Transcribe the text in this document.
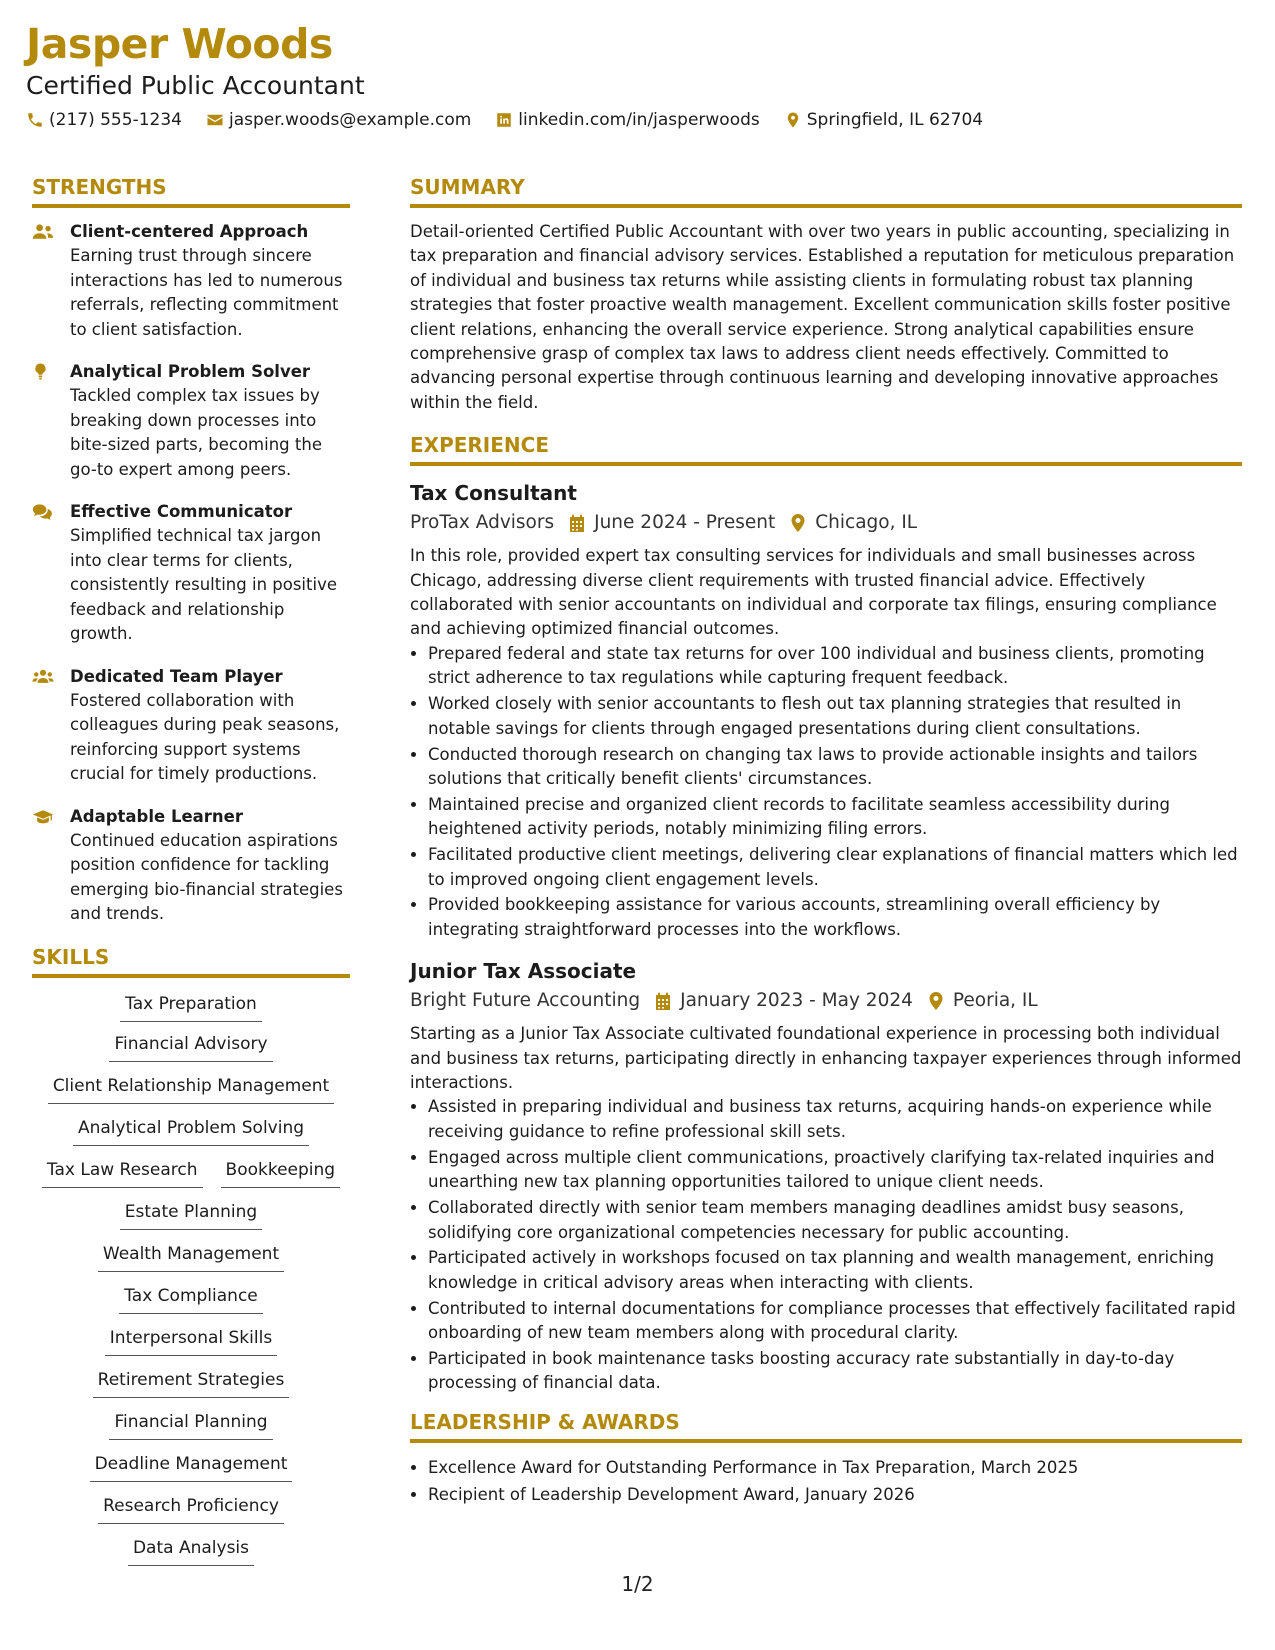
Jasper Woods
Certified Public Accountant
(217) 555-1234	jasper.woods@example.com	linkedin.com/in/jasperwoods	Springfield, IL 62704
STRENGTHS
Client-centered Approach
Earning trust through sincere interactions has led to numerous referrals, reflecting commitment to client satisfaction.
Analytical Problem Solver
Tackled complex tax issues by breaking down processes into bite-sized parts, becoming the go-to expert among peers.
Effective Communicator
Simplified technical tax jargon into clear terms for clients, consistently resulting in positive feedback and relationship growth.
Dedicated Team Player
Fostered collaboration with colleagues during peak seasons, reinforcing support systems crucial for timely productions.
Adaptable Learner
Continued education aspirations position confidence for tackling emerging bio-financial strategies and trends.
SKILLS
Tax Preparation
Financial Advisory
Client Relationship Management
Analytical Problem Solving
Tax Law Research Bookkeeping
Estate Planning
Wealth Management
Tax Compliance
Interpersonal Skills
Retirement Strategies
Financial Planning
Deadline Management
Research Proficiency
Data Analysis
SUMMARY
Detail-oriented Certified Public Accountant with over two years in public accounting, specializing in tax preparation and financial advisory services. Established a reputation for meticulous preparation of individual and business tax returns while assisting clients in formulating robust tax planning strategies that foster proactive wealth management. Excellent communication skills foster positive client relations, enhancing the overall service experience. Strong analytical capabilities ensure comprehensive grasp of complex tax laws to address client needs effectively. Committed to advancing personal expertise through continuous learning and developing innovative approaches within the field.
EXPERIENCE
Tax Consultant
ProTax Advisors June 2024 - Present Chicago, IL
In this role, provided expert tax consulting services for individuals and small businesses across Chicago, addressing diverse client requirements with trusted financial advice. Effectively collaborated with senior accountants on individual and corporate tax filings, ensuring compliance and achieving optimized financial outcomes.
• Prepared federal and state tax returns for over 100 individual and business clients, promoting strict adherence to tax regulations while capturing frequent feedback.
• Worked closely with senior accountants to flesh out tax planning strategies that resulted in notable savings for clients through engaged presentations during client consultations.
• Conducted thorough research on changing tax laws to provide actionable insights and tailors solutions that critically benefit clients' circumstances.
• Maintained precise and organized client records to facilitate seamless accessibility during heightened activity periods, notably minimizing filing errors.
• Facilitated productive client meetings, delivering clear explanations of financial matters which led to improved ongoing client engagement levels.
• Provided bookkeeping assistance for various accounts, streamlining overall efficiency by integrating straightforward processes into the workflows.
Junior Tax Associate
Bright Future Accounting January 2023 - May 2024 Peoria, IL
Starting as a Junior Tax Associate cultivated foundational experience in processing both individual and business tax returns, participating directly in enhancing taxpayer experiences through informed interactions.
• Assisted in preparing individual and business tax returns, acquiring hands-on experience while receiving guidance to refine professional skill sets.
• Engaged across multiple client communications, proactively clarifying tax-related inquiries and unearthing new tax planning opportunities tailored to unique client needs.
• Collaborated directly with senior team members managing deadlines amidst busy seasons, solidifying core organizational competencies necessary for public accounting.
• Participated actively in workshops focused on tax planning and wealth management, enriching knowledge in critical advisory areas when interacting with clients.
• Contributed to internal documentations for compliance processes that effectively facilitated rapid onboarding of new team members along with procedural clarity.
• Participated in book maintenance tasks boosting accuracy rate substantially in day-to-day processing of financial data.
LEADERSHIP & AWARDS
• Excellence Award for Outstanding Performance in Tax Preparation, March 2025
• Recipient of Leadership Development Award, January 2026
1/2
